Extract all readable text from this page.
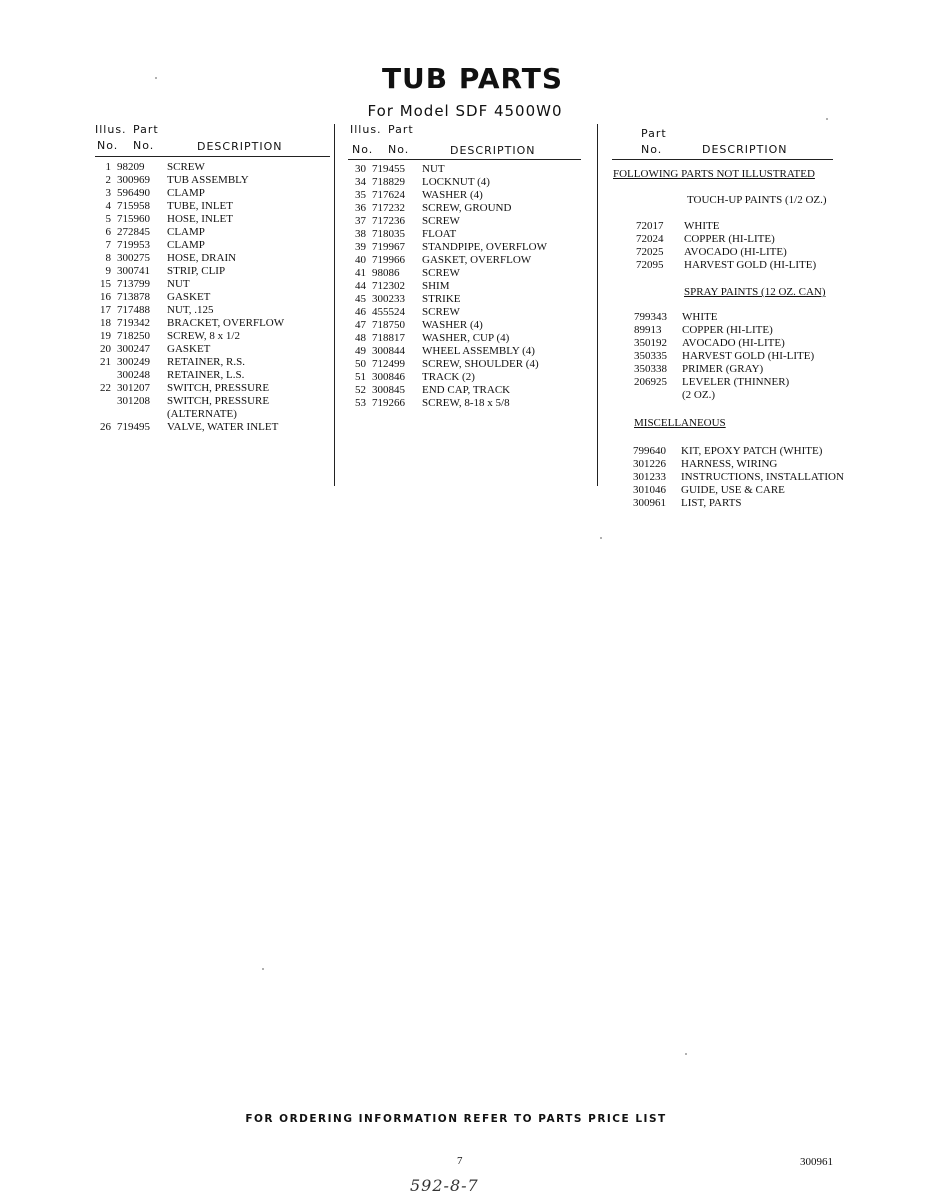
TUB PARTS
For Model SDF 4500W0
Illus. Part
No. No.	DESCRIPTION
Illus. Part
No. No.	DESCRIPTION
Part
No.	DESCRIPTION
1 98209 SCREW
2 300969 TUB ASSEMBLY
3 596490 CLAMP
4 715958 TUBE, INLET
5 715960 HOSE, INLET
6 272845 CLAMP
7 719953 CLAMP
8 300275 HOSE, DRAIN
9 300741 STRIP, CLIP
15 713799 NUT
16 713878 GASKET
17 717488 NUT, .125
18 719342 BRACKET, OVERFLOW
19 718250 SCREW, 8 x 1/2
20 300247 GASKET
21 300249 RETAINER, R.S.
300248 RETAINER, L.S.
22 301207 SWITCH, PRESSURE
301208 SWITCH, PRESSURE
(ALTERNATE)
26 719495 VALVE, WATER INLET
30 719455 NUT
34 718829 LOCKNUT (4)
35 717624 WASHER (4)
36 717232 SCREW, GROUND
37 717236 SCREW
38 718035 FLOAT
39 719967 STANDPIPE, OVERFLOW
40 719966 GASKET, OVERFLOW
41 98086 SCREW
44 712302 SHIM
45 300233 STRIKE
46 455524 SCREW
47 718750 WASHER (4)
48 718817 WASHER, CUP (4)
49 300844 WHEEL ASSEMBLY (4)
50 712499 SCREW, SHOULDER (4)
51 300846 TRACK (2)
52 300845 END CAP, TRACK
53 719266 SCREW, 8-18 x 5/8
FOLLOWING PARTS NOT ILLUSTRATED
TOUCH-UP PAINTS (1/2 OZ.)
72017 WHITE
72024 COPPER (HI-LITE)
72025 AVOCADO (HI-LITE)
72095 HARVEST GOLD (HI-LITE)
SPRAY PAINTS (12 OZ. CAN)
799343 WHITE
89913 COPPER (HI-LITE)
350192 AVOCADO (HI-LITE)
350335 HARVEST GOLD (HI-LITE)
350338 PRIMER (GRAY)
206925 LEVELER (THINNER)
(2 OZ.)
MISCELLANEOUS
799640 KIT, EPOXY PATCH (WHITE)
301226 HARNESS, WIRING
301233 INSTRUCTIONS, INSTALLATION
301046 GUIDE, USE & CARE
300961 LIST, PARTS
FOR ORDERING INFORMATION REFER TO PARTS PRICE LIST
7	300961
592-8-7
